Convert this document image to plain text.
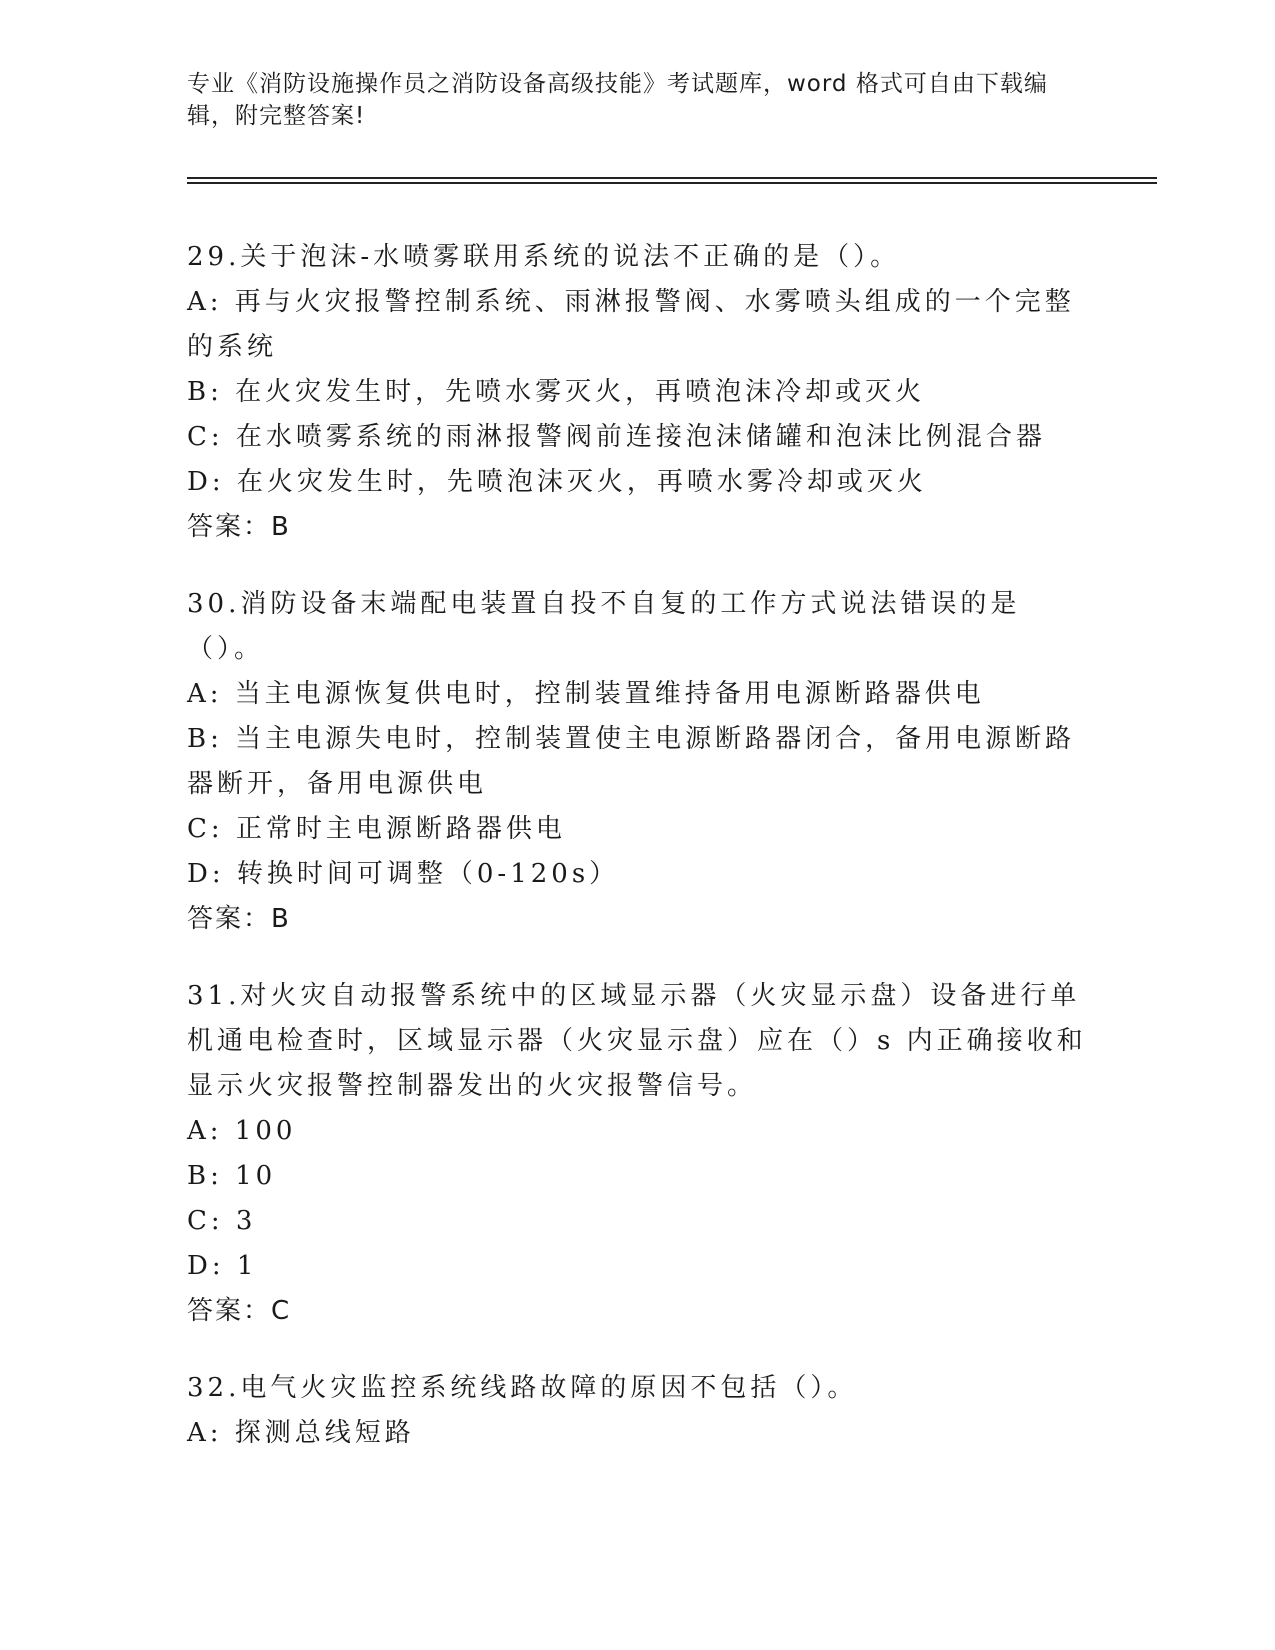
专业《消防设施操作员之消防设备高级技能》考试题库，word 格式可自由下载编
辑，附完整答案!
29.关于泡沫-水喷雾联用系统的说法不正确的是（）。
A: 再与火灾报警控制系统、雨淋报警阀、水雾喷头组成的一个完整的系统
B: 在火灾发生时，先喷水雾灭火，再喷泡沫冷却或灭火
C: 在水喷雾系统的雨淋报警阀前连接泡沫储罐和泡沫比例混合器
D: 在火灾发生时，先喷泡沫灭火，再喷水雾冷却或灭火
答案：B
30.消防设备末端配电装置自投不自复的工作方式说法错误的是（）。
A: 当主电源恢复供电时，控制装置维持备用电源断路器供电
B: 当主电源失电时，控制装置使主电源断路器闭合，备用电源断路器断开，备用电源供电
C: 正常时主电源断路器供电
D: 转换时间可调整（0-120s）
答案：B
31.对火灾自动报警系统中的区域显示器（火灾显示盘）设备进行单机通电检查时，区域显示器（火灾显示盘）应在（）s 内正确接收和显示火灾报警控制器发出的火灾报警信号。
A: 100
B: 10
C: 3
D: 1
答案：C
32.电气火灾监控系统线路故障的原因不包括（）。
A: 探测总线短路
